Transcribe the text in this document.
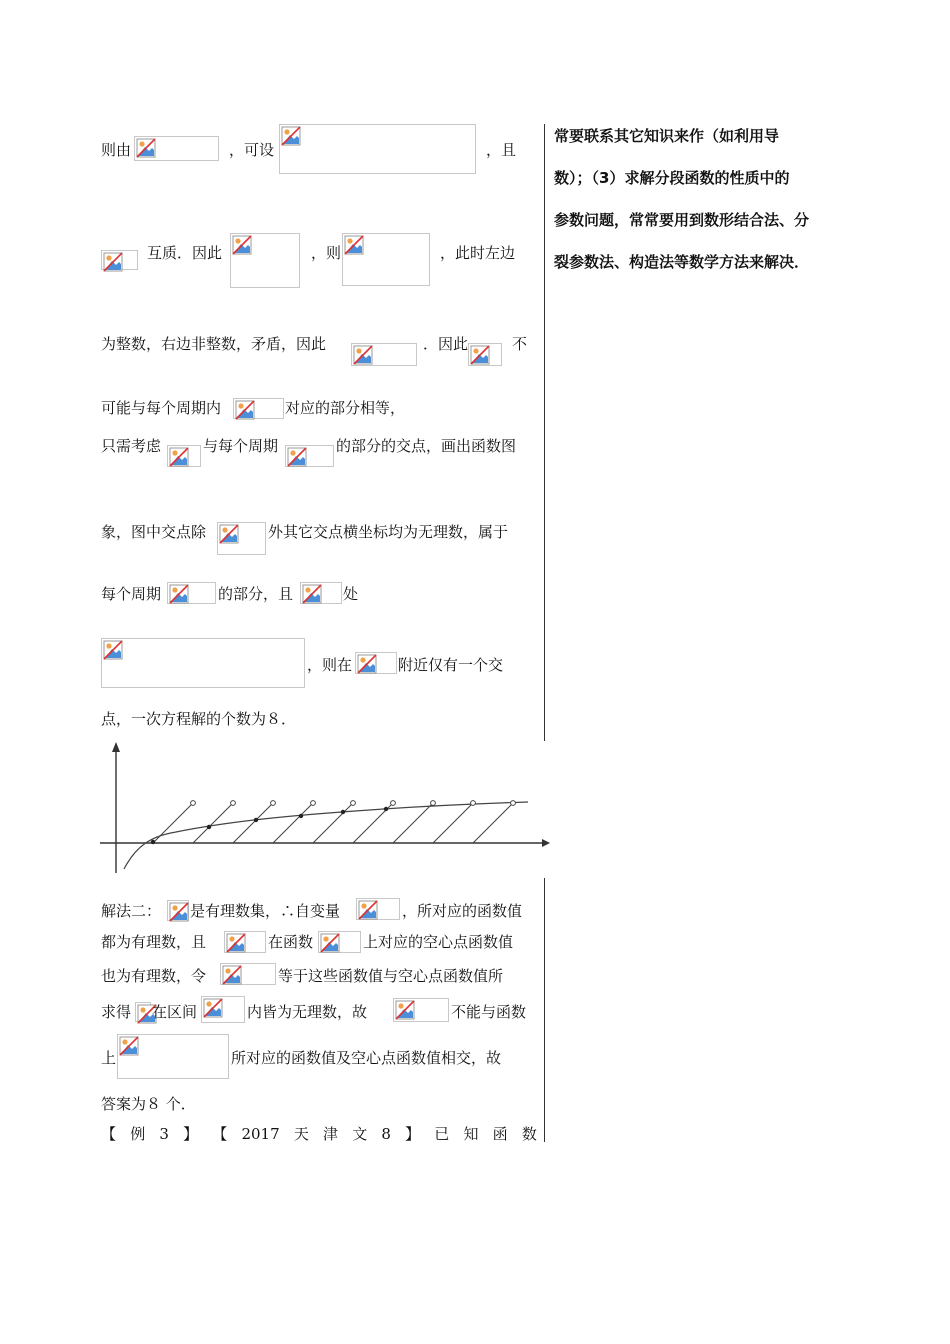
常要联系其它知识来作（如利用导
数）；（3）求解分段函数的性质中的
参数问题，常常要用到数形结合法、分
裂参数法、构造法等数学方法来解决．
则由	，可设	，且
互质．因此	，则	，此时左边
为整数，右边非整数，矛盾，因此	．因此	不
可能与每个周期内	对应的部分相等，
只需考虑	与每个周期	的部分的交点，画出函数图
象，图中交点除	外其它交点横坐标均为无理数，属于
每个周期	的部分，且	处
，则在	附近仅有一个交
点，一次方程解的个数为８．
解法二： 是有理数集，∴自变量	，所对应的函数值
都为有理数，且	在函数	上对应的空心点函数值
也为有理数，令	等于这些函数值与空心点函数值所
求得 在区间	内皆为无理数，故	不能与函数
上	所对应的函数值及空心点函数值相交，故
答案为８ 个．
【 例 3 】 【 2017 天 津 文 8 】 已 知 函 数
